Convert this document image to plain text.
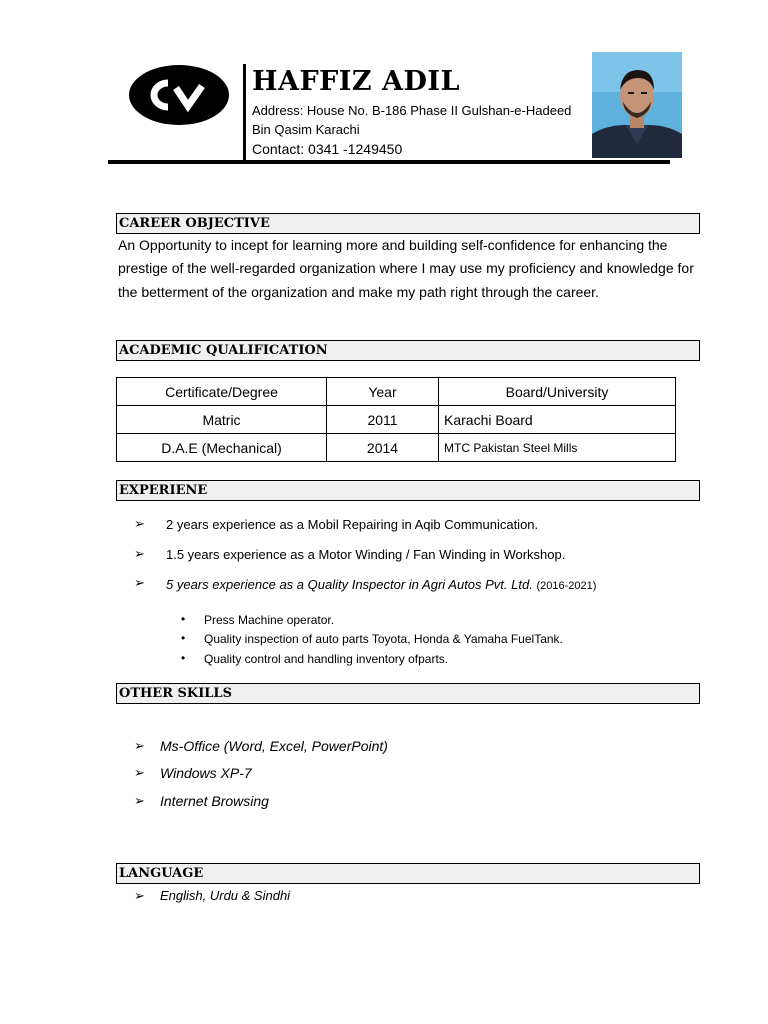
HAFFIZ ADIL
Address: House No. B-186 Phase II Gulshan-e-Hadeed
Bin Qasim Karachi
Contact: 0341 -1249450
CAREER OBJECTIVE
An Opportunity to incept for learning more and building self-confidence for enhancing the prestige of the well-regarded organization where I may use my proficiency and knowledge for the betterment of the organization and make my path right through the career.
ACADEMIC QUALIFICATION
Certificate/Degree	Year	Board/University
Matric	2011	Karachi Board
D.A.E (Mechanical)	2014	MTC Pakistan Steel Mills
EXPERIENE
➢ 2 years experience as a Mobil Repairing in Aqib Communication.
➢ 1.5 years experience as a Motor Winding / Fan Winding in Workshop.
➢ 5 years experience as a Quality Inspector in Agri Autos Pvt. Ltd. (2016-2021)
• Press Machine operator.
• Quality inspection of auto parts Toyota, Honda & Yamaha FuelTank.
• Quality control and handling inventory ofparts.
OTHER SKILLS
➢ Ms-Office (Word, Excel, PowerPoint)
➢ Windows XP-7
➢ Internet Browsing
LANGUAGE
➢ English, Urdu & Sindhi
